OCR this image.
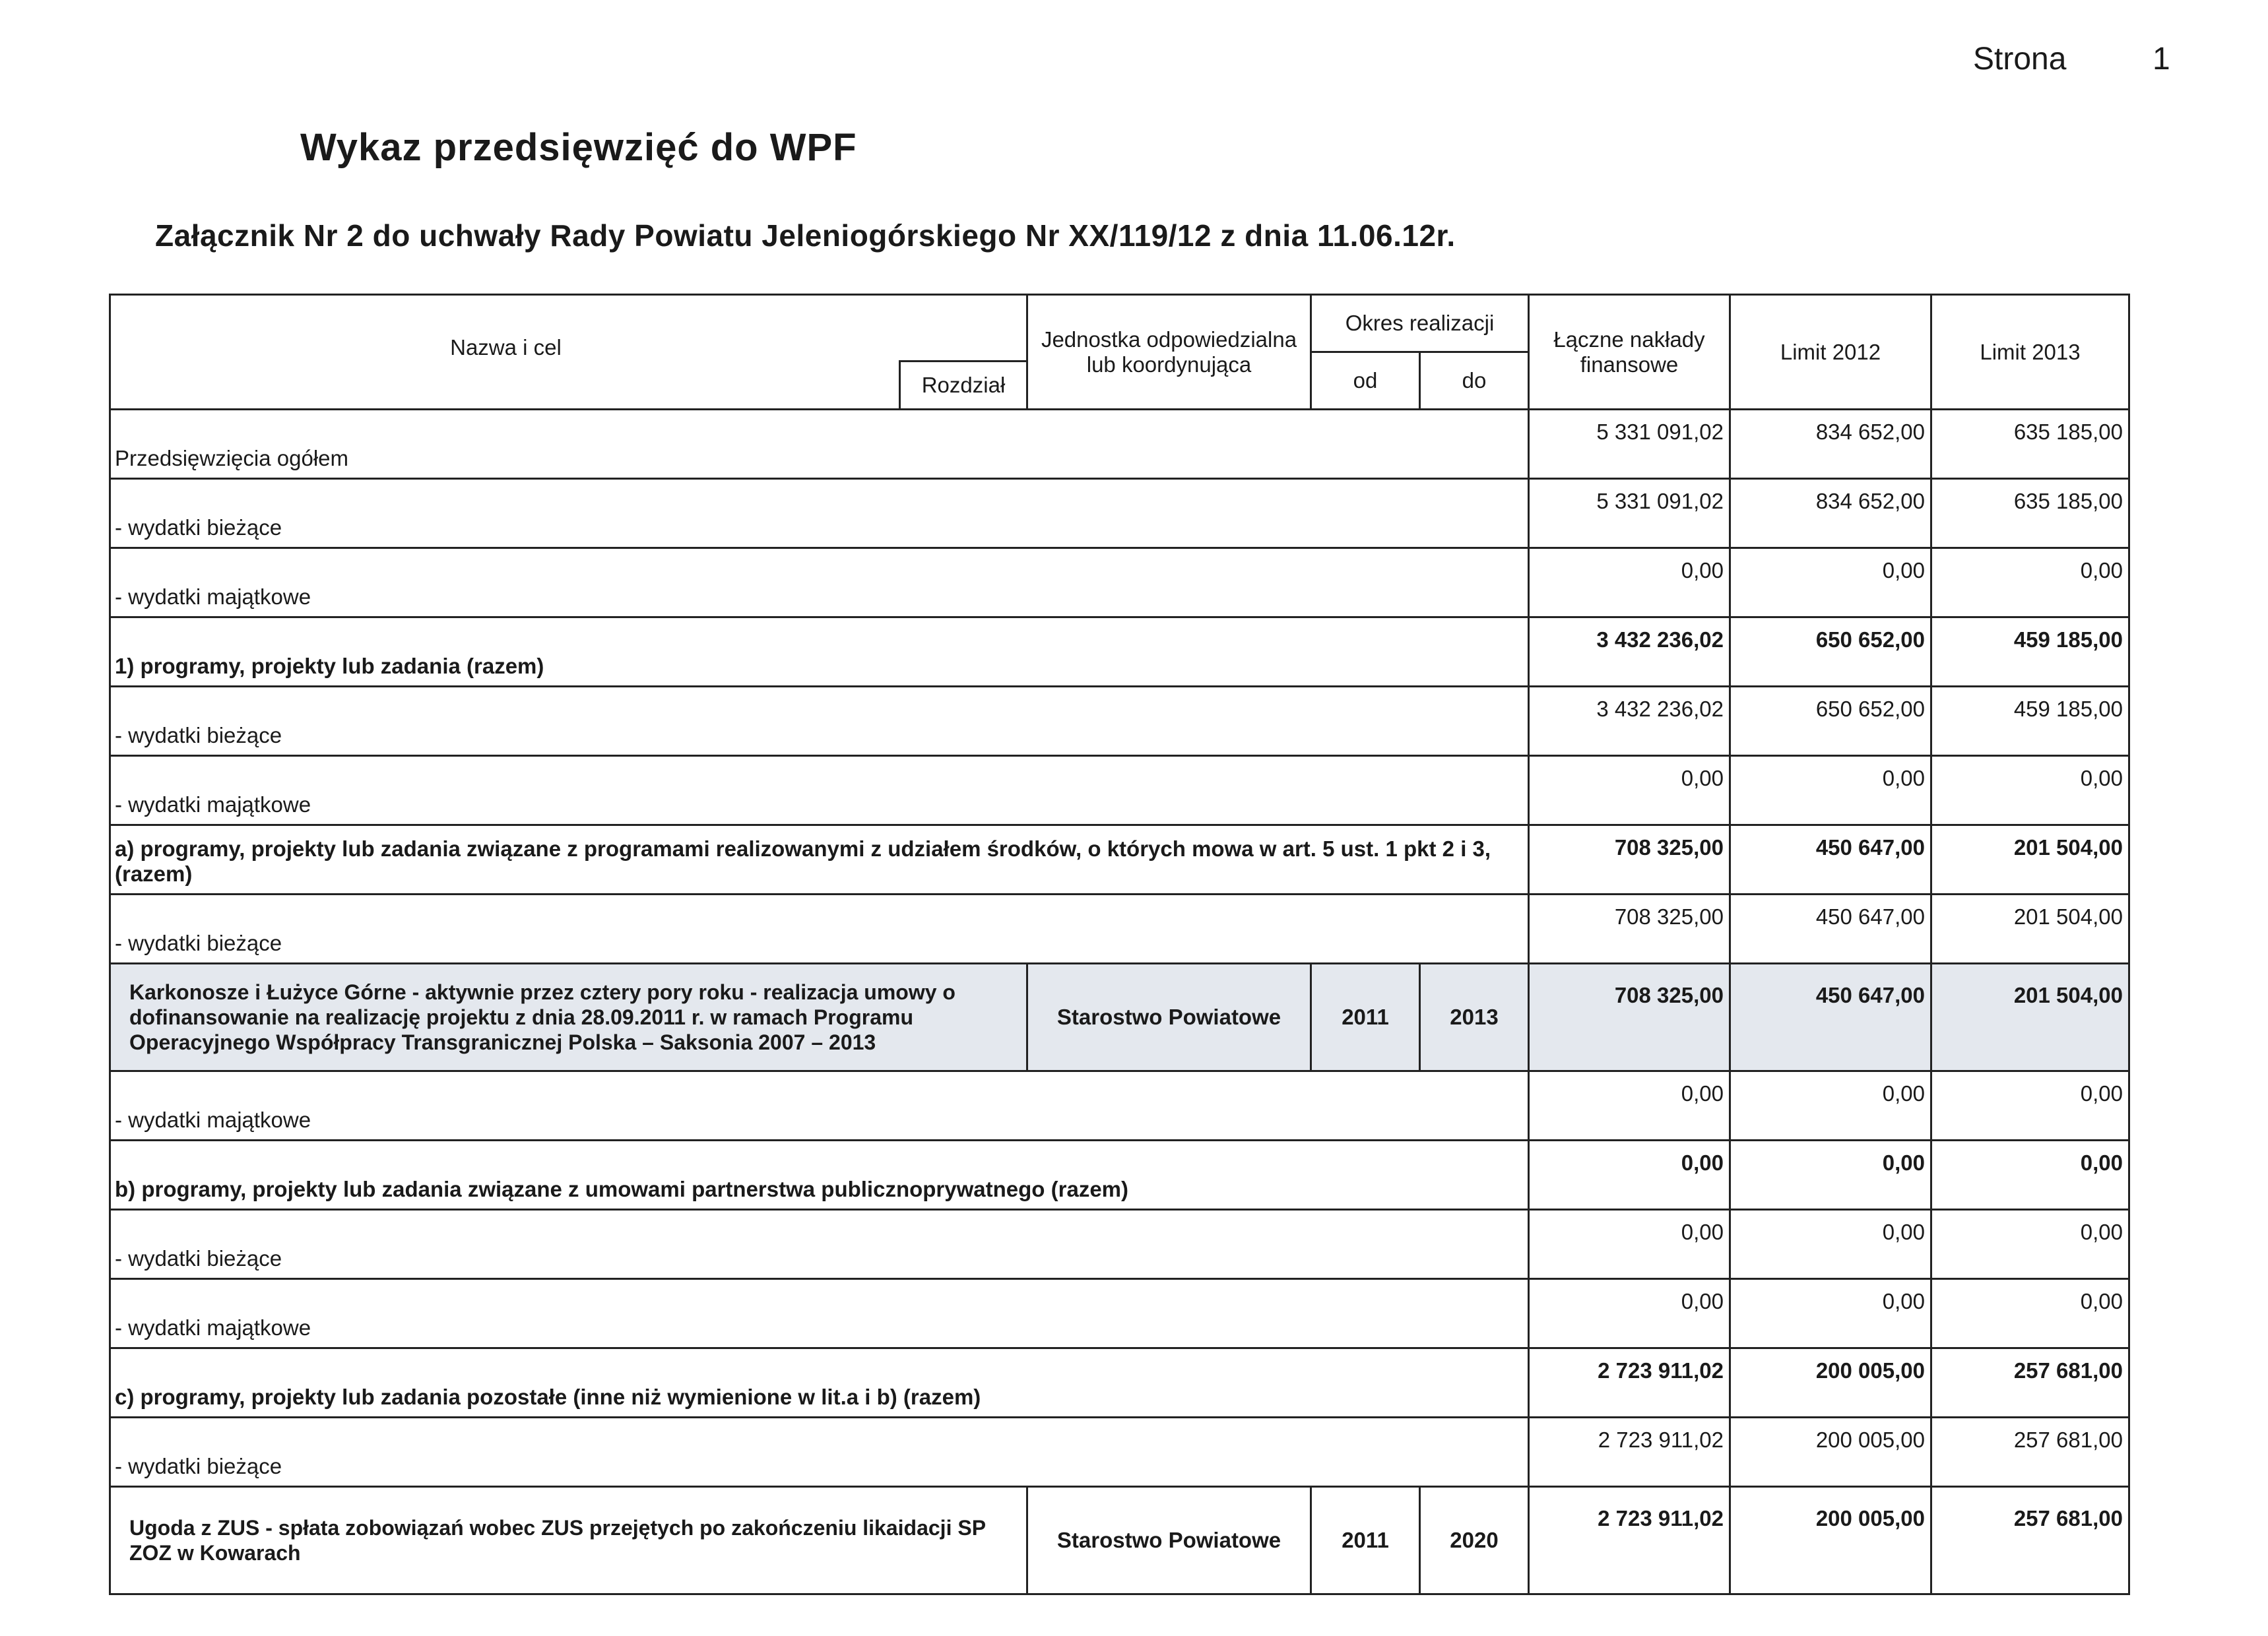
Strona	1
Wykaz przedsięwzięć do WPF
Załącznik Nr 2 do uchwały Rady Powiatu Jeleniogórskiego Nr XX/119/12 z dnia 11.06.12r.
Nazwa i cel
Rozdział	Jednostka odpowiedzialna lub koordynująca	Okres realizacji		Łączne nakłady finansowe	Limit 2012	Limit 2013
		od	do			
Przedsięwzięcia ogółem				5 331 091,02	834 652,00	635 185,00
- wydatki bieżące				5 331 091,02	834 652,00	635 185,00
- wydatki majątkowe				0,00	0,00	0,00
1) programy, projekty lub zadania (razem)				3 432 236,02	650 652,00	459 185,00
- wydatki bieżące				3 432 236,02	650 652,00	459 185,00
- wydatki majątkowe				0,00	0,00	0,00
a) programy, projekty lub zadania związane z programami realizowanymi z udziałem środków, o których mowa w art. 5 ust. 1 pkt 2 i 3, (razem)				708 325,00	450 647,00	201 504,00
- wydatki bieżące				708 325,00	450 647,00	201 504,00
Karkonosze i Łużyce Górne - aktywnie przez cztery pory roku - realizacja umowy o dofinansowanie na realizację projektu z dnia 28.09.2011 r. w ramach Programu Operacyjnego Współpracy Transgranicznej Polska – Saksonia 2007 – 2013	Starostwo Powiatowe	2011	2013	708 325,00	450 647,00	201 504,00
- wydatki majątkowe				0,00	0,00	0,00
b) programy, projekty lub zadania związane z umowami partnerstwa publicznoprywatnego (razem)				0,00	0,00	0,00
- wydatki bieżące				0,00	0,00	0,00
- wydatki majątkowe				0,00	0,00	0,00
c) programy, projekty lub zadania pozostałe (inne niż wymienione w lit.a i b) (razem)				2 723 911,02	200 005,00	257 681,00
- wydatki bieżące				2 723 911,02	200 005,00	257 681,00
Ugoda z ZUS - spłata zobowiązań wobec ZUS przejętych po zakończeniu likaidacji SP ZOZ w Kowarach	Starostwo Powiatowe	2011	2020	2 723 911,02	200 005,00	257 681,00
